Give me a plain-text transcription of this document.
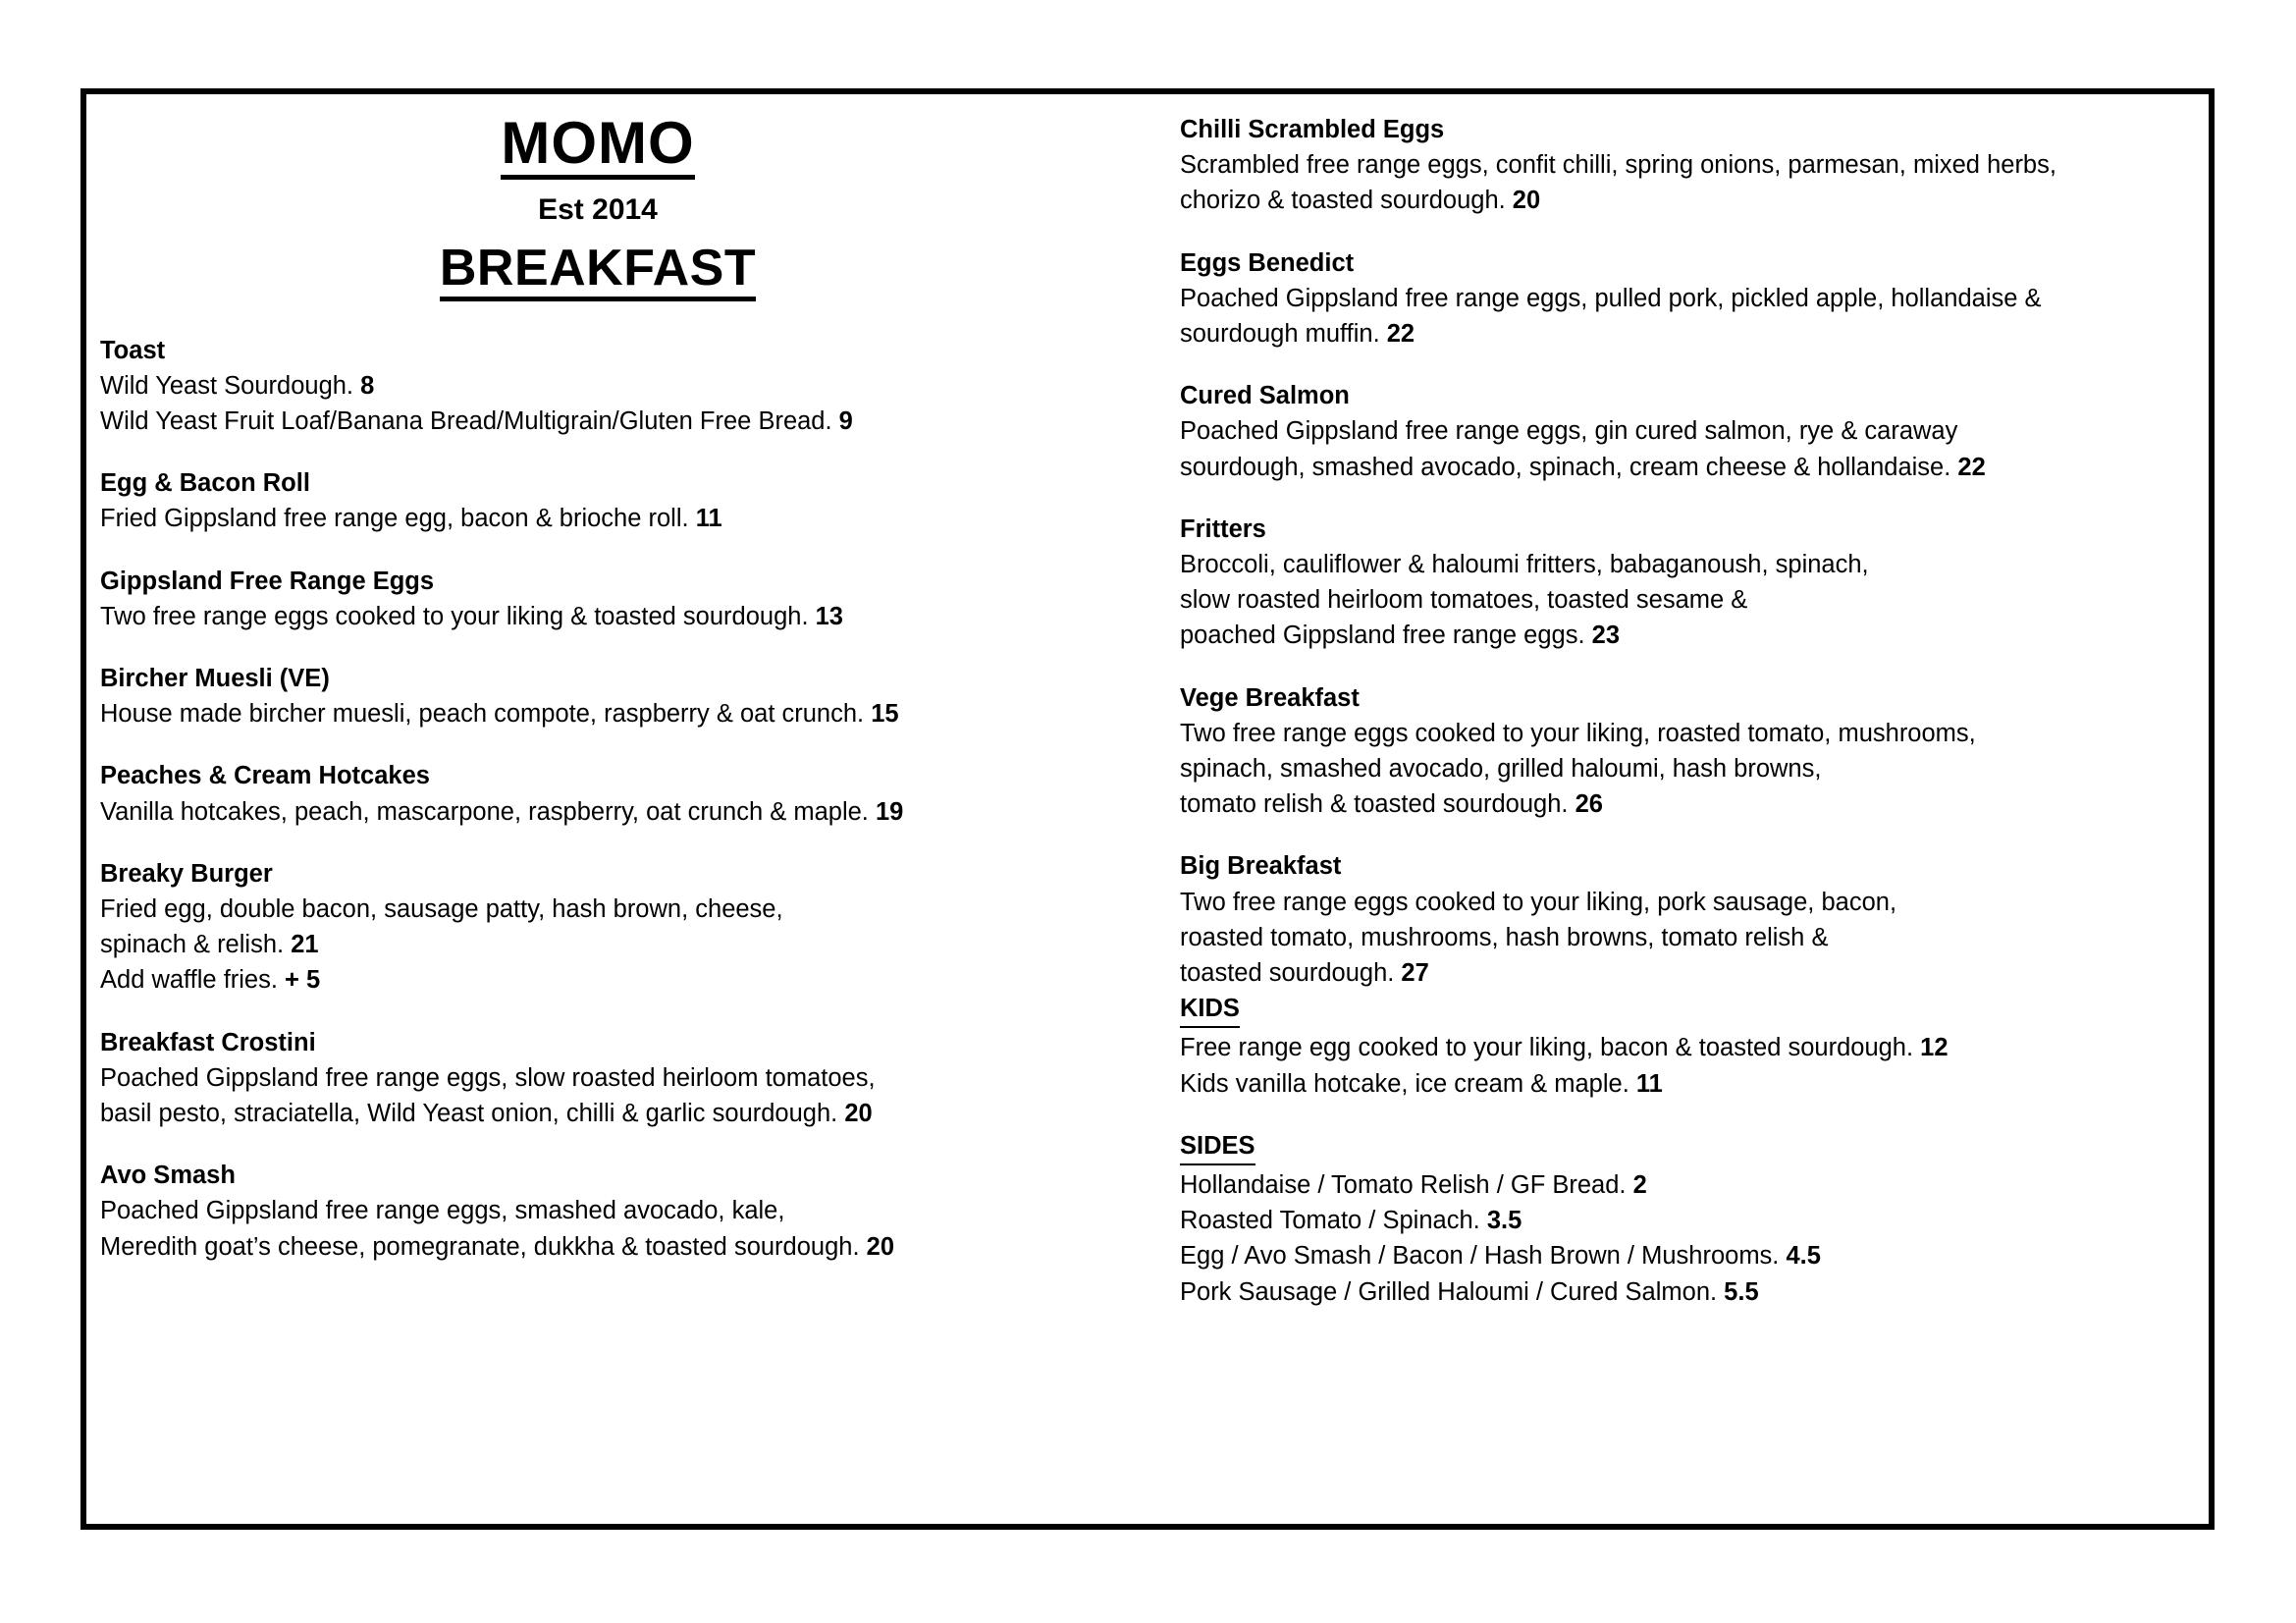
MOMO
Est 2014
BREAKFAST

Toast

Wild Yeast Sourdough. 8

Wild Yeast Fruit Loaf/Banana Bread/Multigrain/Gluten Free Bread. 9

Egg & Bacon Roll

Fried Gippsland free range egg, bacon & brioche roll. 11

Gippsland Free Range Eggs

Two free range eggs cooked to your liking & toasted sourdough. 13

Bircher Muesli (VE)

House made bircher muesli, peach compote, raspberry & oat crunch. 15

Peaches & Cream Hotcakes

Vanilla hotcakes, peach, mascarpone, raspberry, oat crunch & maple. 19

Breaky Burger

Fried egg, double bacon, sausage patty, hash brown, cheese,

spinach & relish. 21

Add waffle fries. + 5

Breakfast Crostini

Poached Gippsland free range eggs, slow roasted heirloom tomatoes,

basil pesto, straciatella, Wild Yeast onion, chilli & garlic sourdough. 20

Avo Smash

Poached Gippsland free range eggs, smashed avocado, kale,

Meredith goat’s cheese, pomegranate, dukkha & toasted sourdough. 20

Chilli Scrambled Eggs

Scrambled free range eggs, confit chilli, spring onions, parmesan, mixed herbs,

chorizo & toasted sourdough. 20

Eggs Benedict

Poached Gippsland free range eggs, pulled pork, pickled apple, hollandaise &

sourdough muffin. 22

Cured Salmon

Poached Gippsland free range eggs, gin cured salmon, rye & caraway

sourdough, smashed avocado, spinach, cream cheese & hollandaise. 22

Fritters

Broccoli, cauliflower & haloumi fritters, babaganoush, spinach,

slow roasted heirloom tomatoes, toasted sesame &

poached Gippsland free range eggs. 23

Vege Breakfast

Two free range eggs cooked to your liking, roasted tomato, mushrooms,

spinach, smashed avocado, grilled haloumi, hash browns,

tomato relish & toasted sourdough. 26

Big Breakfast

Two free range eggs cooked to your liking, pork sausage, bacon,

roasted tomato, mushrooms, hash browns, tomato relish &

toasted sourdough. 27

KIDS

Free range egg cooked to your liking, bacon & toasted sourdough. 12

Kids vanilla hotcake, ice cream & maple. 11

SIDES

Hollandaise / Tomato Relish / GF Bread. 2

Roasted Tomato / Spinach. 3.5

Egg / Avo Smash / Bacon / Hash Brown / Mushrooms. 4.5

Pork Sausage / Grilled Haloumi / Cured Salmon. 5.5
